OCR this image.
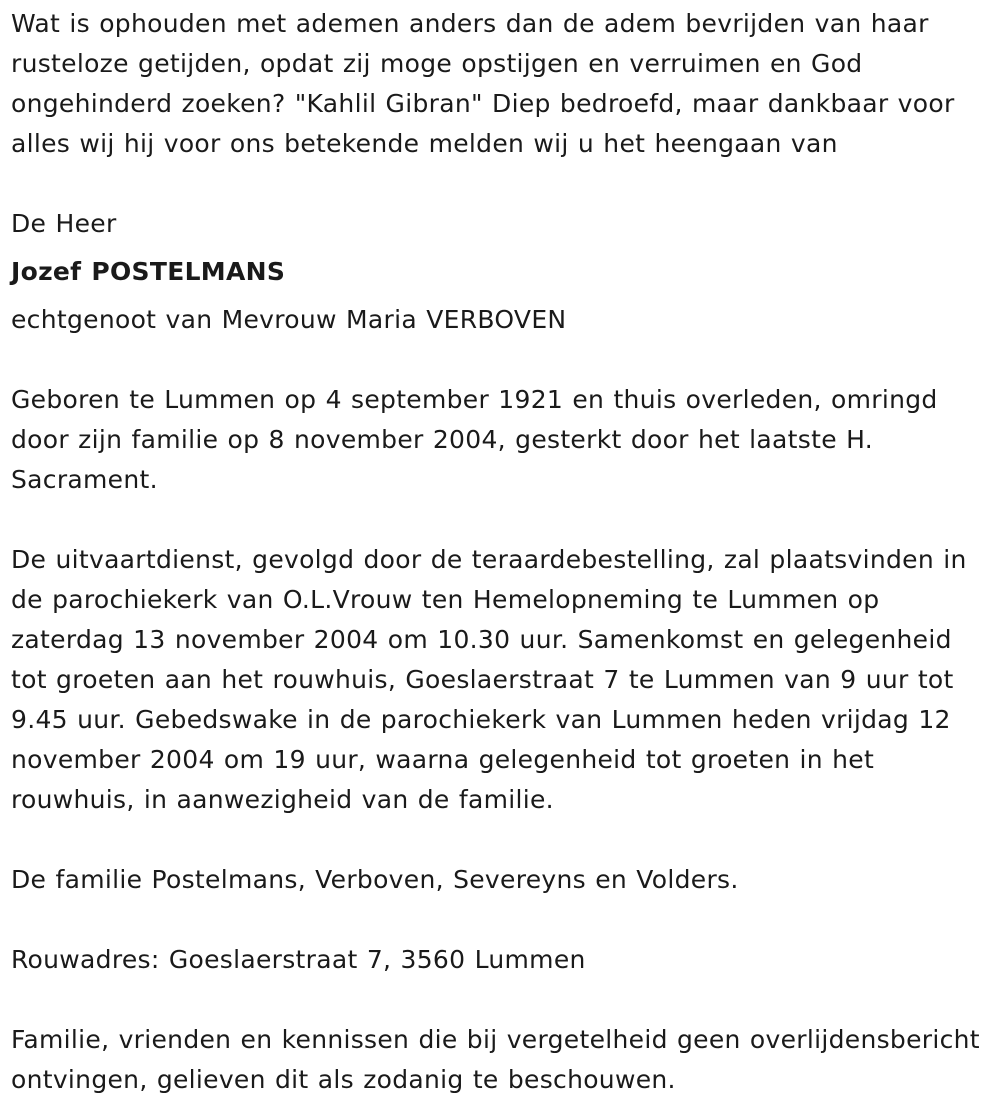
Wat is ophouden met ademen anders dan de adem bevrijden van haar rusteloze getijden, opdat zij moge opstijgen en verruimen en God ongehinderd zoeken? "Kahlil Gibran" Diep bedroefd, maar dankbaar voor alles wij hij voor ons betekende melden wij u het heengaan van

De Heer

Jozef POSTELMANS

echtgenoot van Mevrouw Maria VERBOVEN

Geboren te Lummen op 4 september 1921 en thuis overleden, omringd door zijn familie op 8 november 2004, gesterkt door het laatste H. Sacrament.

De uitvaartdienst, gevolgd door de teraardebestelling, zal plaatsvinden in de parochiekerk van O.L.Vrouw ten Hemelopneming te Lummen op zaterdag 13 november 2004 om 10.30 uur. Samenkomst en gelegenheid tot groeten aan het rouwhuis, Goeslaerstraat 7 te Lummen van 9 uur tot 9.45 uur. Gebedswake in de parochiekerk van Lummen heden vrijdag 12 november 2004 om 19 uur, waarna gelegenheid tot groeten in het rouwhuis, in aanwezigheid van de familie.

De familie Postelmans, Verboven, Severeyns en Volders.

Rouwadres: Goeslaerstraat 7, 3560 Lummen

Familie, vrienden en kennissen die bij vergetelheid geen overlijdensbericht ontvingen, gelieven dit als zodanig te beschouwen.
